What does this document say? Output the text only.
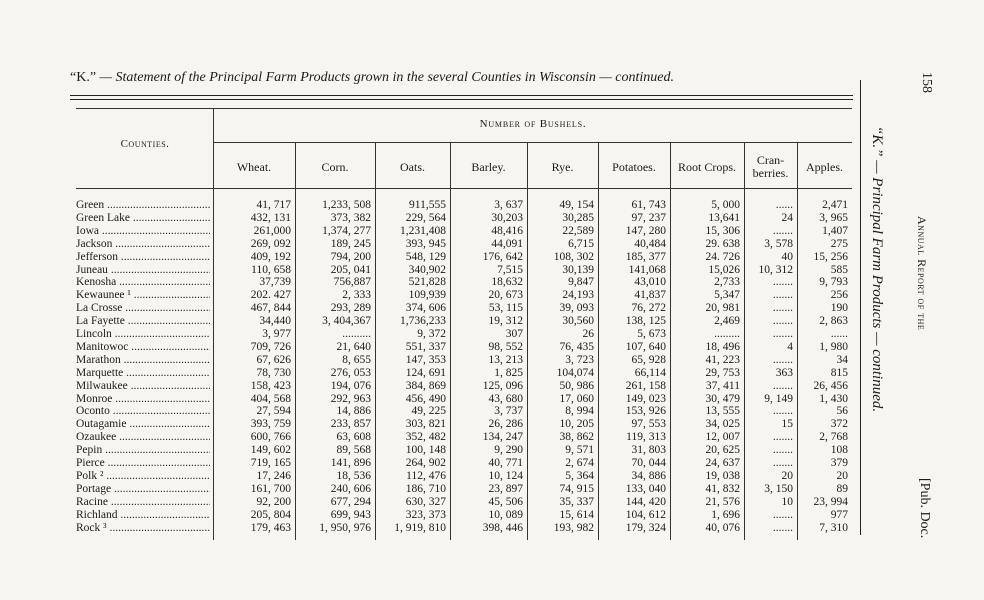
“K.” — Statement of the Principal Farm Products grown in the several Counties in Wisconsin — continued.
Counties.
Number of Bushels.
Wheat.	Corn.	Oats.	Barley.	Rye.	Potatoes.	Root Crops.	Cran-berries.	Apples.
Green .....	41, 717	1,233, 508	911,555	3, 637	49, 154	61, 743	5, 000	......	2,471
Green Lake .....	432, 131	373, 382	229, 564	30,203	30,285	97, 237	13,641	24	3, 965
Iowa .....	261,000	1,374, 277	1,231,408	48,416	22,589	147, 280	15, 306	.......	1,407
Jackson .....	269, 092	189, 245	393, 945	44,091	6,715	40,484	29. 638	3, 578	275
Jefferson .....	409, 192	794, 200	548, 129	176, 642	108, 302	185, 377	24. 726	40	15, 256
Juneau .....	110, 658	205, 041	340,902	7,515	30,139	141,068	15,026	10, 312	585
Kenosha .....	37,739	756,887	521,828	18,632	9,847	43,010	2,733	.......	9, 793
Kewaunee ¹ .....	202. 427	2, 333	109,939	20, 673	24,193	41,837	5,347	.......	256
La Crosse .....	467, 844	293, 289	374, 606	53, 115	39, 093	76, 272	20, 981	.......	190
La Fayette .....	34,440	3, 404,367	1,736,233	19, 312	30,560	138, 125	2,469	.......	2, 863
Lincoln .....	3, 977	..........	9, 372	307	26	5, 673	.........	.......	......
Manitowoc .....	709, 726	21, 640	551, 337	98, 552	76, 435	107, 640	18, 496	4	1, 980
Marathon .....	67, 626	8, 655	147, 353	13, 213	3, 723	65, 928	41, 223	.......	34
Marquette .....	78, 730	276, 053	124, 691	1, 825	104,074	66,114	29, 753	363	815
Milwaukee .....	158, 423	194, 076	384, 869	125, 096	50, 986	261, 158	37, 411	.......	26, 456
Monroe .....	404, 568	292, 963	456, 490	43, 680	17, 060	149, 023	30, 479	9, 149	1, 430
Oconto .....	27, 594	14, 886	49, 225	3, 737	8, 994	153, 926	13, 555	.......	56
Outagamie .....	393, 759	233, 857	303, 821	26, 286	10, 205	97, 553	34, 025	15	372
Ozaukee .....	600, 766	63, 608	352, 482	134, 247	38, 862	119, 313	12, 007	.......	2, 768
Pepin .....	149, 602	89, 568	100, 148	9, 290	9, 571	31, 803	20, 625	.......	108
Pierce .....	719, 165	141, 896	264, 902	40, 771	2, 674	70, 044	24, 637	.......	379
Polk ² .....	17, 246	18, 536	112, 476	10, 124	5, 364	34, 886	19, 038	20	20
Portage .....	161, 700	240, 606	186, 710	23, 897	74, 915	133, 040	41, 832	3, 150	89
Racine .....	92, 200	677, 294	630, 327	45, 506	35, 337	144, 420	21, 576	10	23, 994
Richland .....	205, 804	699, 943	323, 373	10, 089	15, 614	104, 612	1, 696	.......	977
Rock ³ .....	179, 463	1, 950, 976	1, 919, 810	398, 446	193, 982	179, 324	40, 076	.......	7, 310
“K.” — Principal Farm Products — continued.
158
Annual Report of the
[Pub. Doc.
